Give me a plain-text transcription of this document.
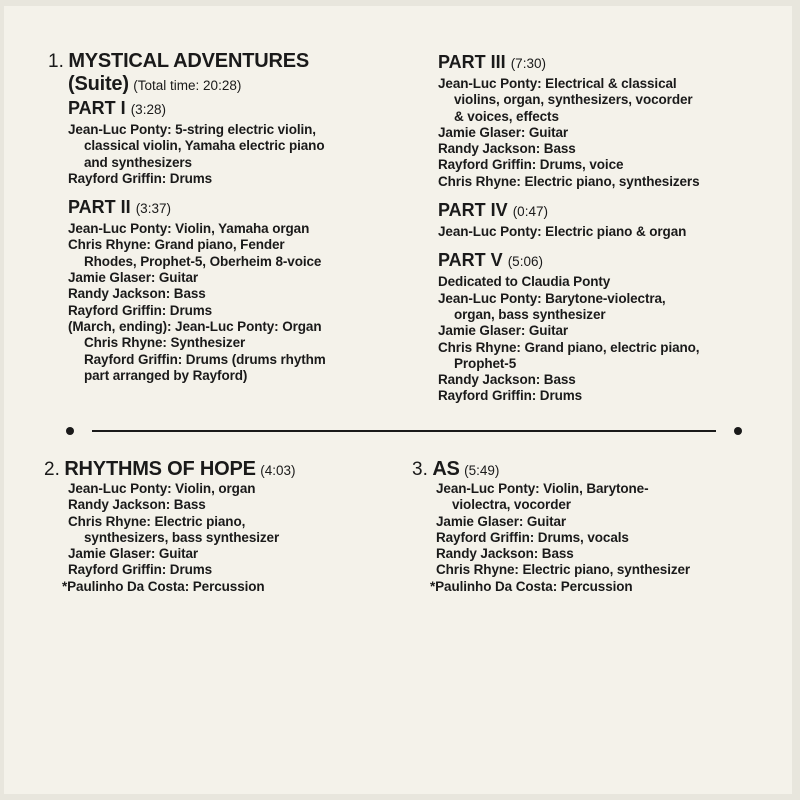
1. MYSTICAL ADVENTURES
(Suite) (Total time: 20:28)
PART I (3:28)
Jean-Luc Ponty: 5-string electric violin,
classical violin, Yamaha electric piano
and synthesizers
Rayford Griffin: Drums
PART II (3:37)
Jean-Luc Ponty: Violin, Yamaha organ
Chris Rhyne: Grand piano, Fender
Rhodes, Prophet-5, Oberheim 8-voice
Jamie Glaser: Guitar
Randy Jackson: Bass
Rayford Griffin: Drums
(March, ending): Jean-Luc Ponty: Organ
Chris Rhyne: Synthesizer
Rayford Griffin: Drums (drums rhythm
part arranged by Rayford)
PART III (7:30)
Jean-Luc Ponty: Electrical & classical
violins, organ, synthesizers, vocorder
& voices, effects
Jamie Glaser: Guitar
Randy Jackson: Bass
Rayford Griffin: Drums, voice
Chris Rhyne: Electric piano, synthesizers
PART IV (0:47)
Jean-Luc Ponty: Electric piano & organ
PART V (5:06)
Dedicated to Claudia Ponty
Jean-Luc Ponty: Barytone-violectra,
organ, bass synthesizer
Jamie Glaser: Guitar
Chris Rhyne: Grand piano, electric piano,
Prophet-5
Randy Jackson: Bass
Rayford Griffin: Drums
2. RHYTHMS OF HOPE (4:03)
Jean-Luc Ponty: Violin, organ
Randy Jackson: Bass
Chris Rhyne: Electric piano,
synthesizers, bass synthesizer
Jamie Glaser: Guitar
Rayford Griffin: Drums
*Paulinho Da Costa: Percussion
3. AS (5:49)
Jean-Luc Ponty: Violin, Barytone-
violectra, vocorder
Jamie Glaser: Guitar
Rayford Griffin: Drums, vocals
Randy Jackson: Bass
Chris Rhyne: Electric piano, synthesizer
*Paulinho Da Costa: Percussion
